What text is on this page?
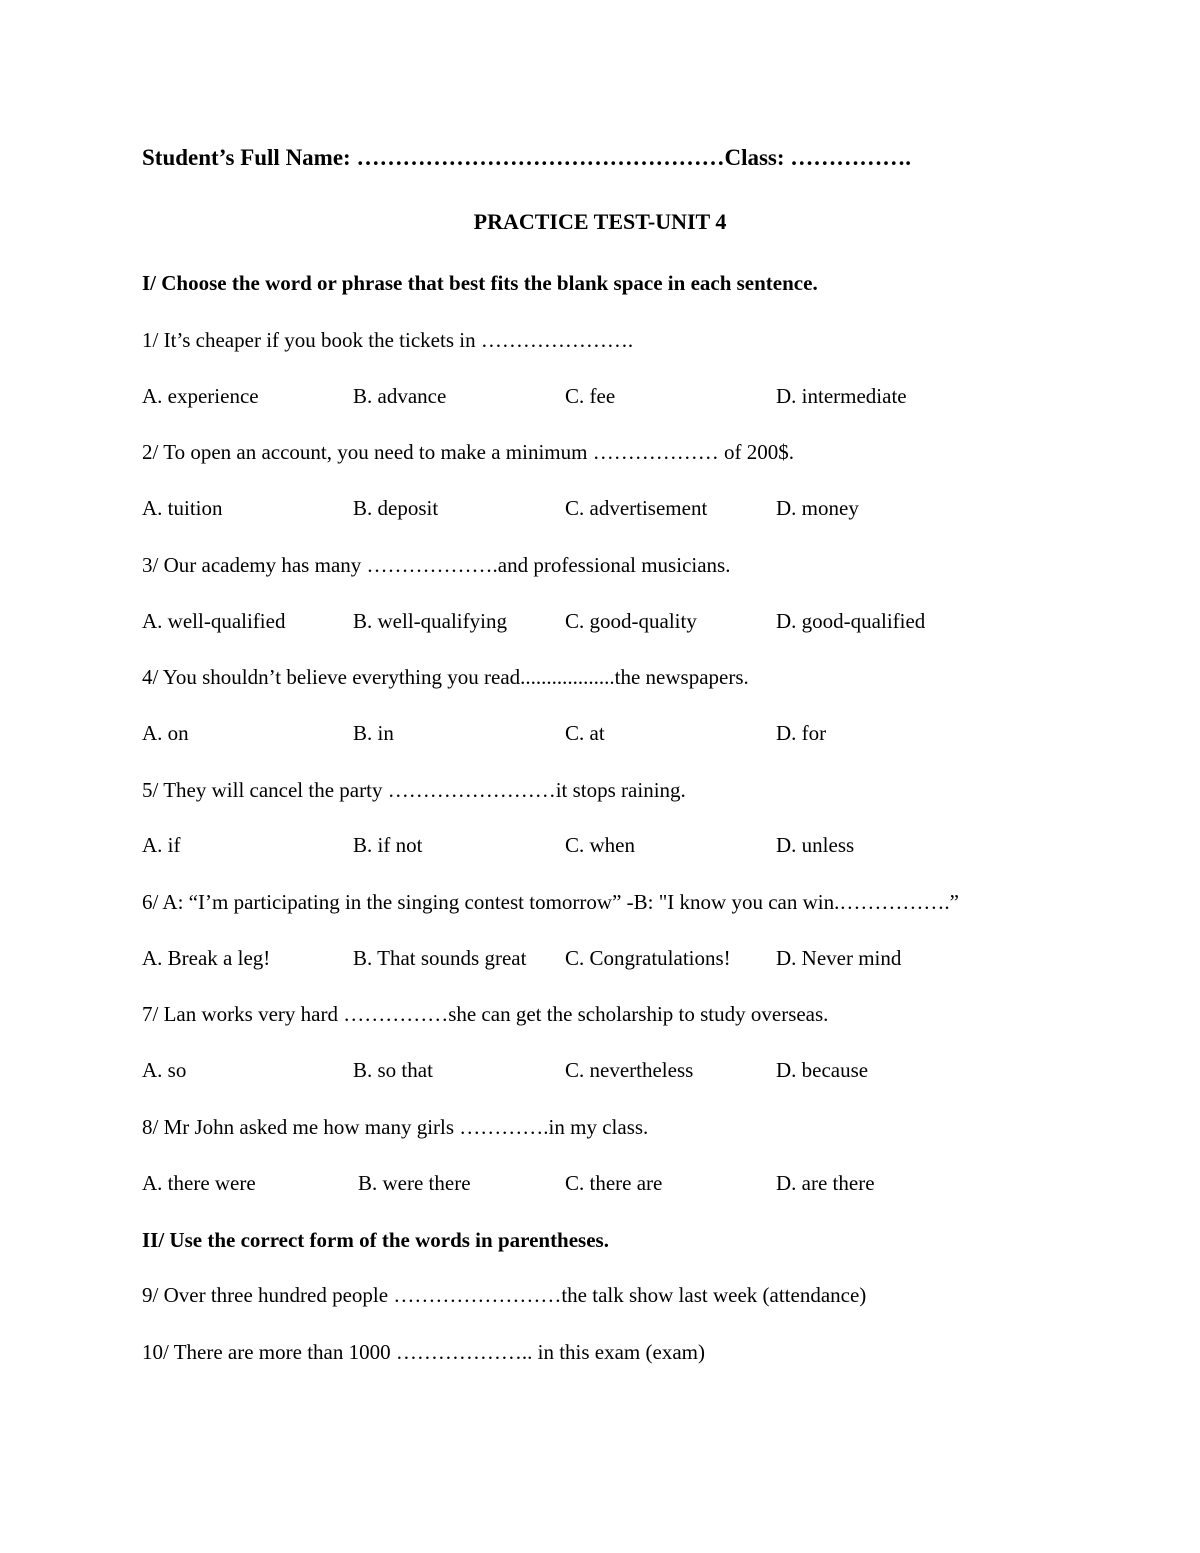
Student’s Full Name: …………………………………………Class: …………….
PRACTICE TEST-UNIT 4
I/ Choose the word or phrase that best fits the blank space in each sentence.
1/ It’s cheaper if you book the tickets in ………………….
A. experience	B. advance	C. fee	D. intermediate
2/ To open an account, you need to make a minimum ……………… of 200$.
A. tuition	B. deposit	C. advertisement	D. money
3/ Our academy has many ……………….and professional musicians.
A. well-qualified	B. well-qualifying	C. good-quality	D. good-qualified
4/ You shouldn’t believe everything you read..................the newspapers.
A. on	B. in	C. at	D. for
5/ They will cancel the party ……………………it stops raining.
A. if	B. if not	C. when	D. unless
6/ A: “I’m participating in the singing contest tomorrow” -B: "I know you can win.…………….”
A. Break a leg!	B. That sounds great C. Congratulations! D. Never mind
7/ Lan works very hard ……………she can get the scholarship to study overseas.
A. so	B. so that	C. nevertheless	D. because
8/ Mr John asked me how many girls ………….in my class.
A. there were	B. were there	C. there are	D. are there
II/ Use the correct form of the words in parentheses.
9/ Over three hundred people ……………………the talk show last week (attendance)
10/ There are more than 1000 ……………….. in this exam (exam)
